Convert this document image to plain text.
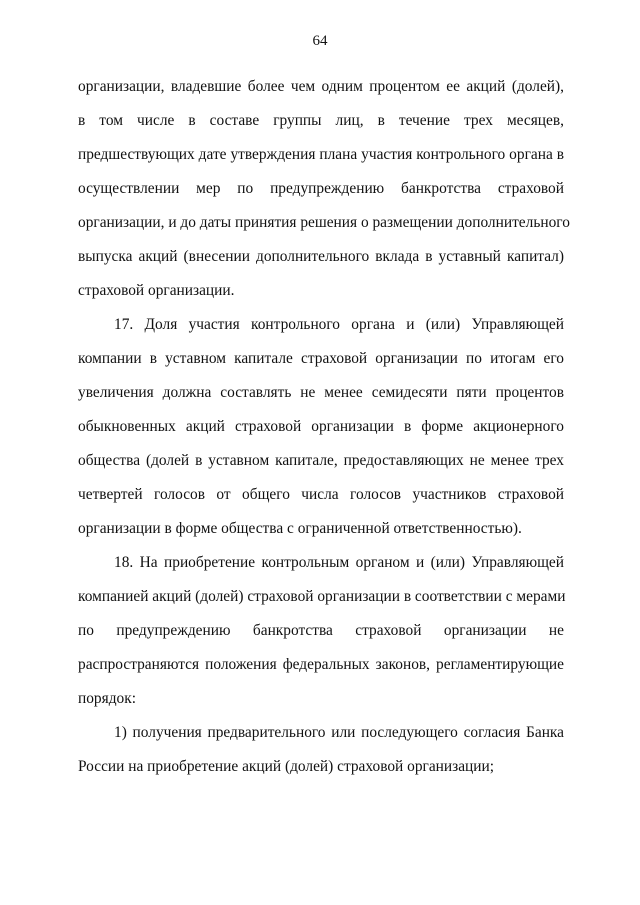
64
организации, владевшие более чем одним процентом ее акций (долей),
в том числе в составе группы лиц, в течение трех месяцев,
предшествующих дате утверждения плана участия контрольного органа в
осуществлении мер по предупреждению банкротства страховой
организации, и до даты принятия решения о размещении дополнительного
выпуска акций (внесении дополнительного вклада в уставный капитал)
страховой организации.
17. Доля участия контрольного органа и (или) Управляющей
компании в уставном капитале страховой организации по итогам его
увеличения должна составлять не менее семидесяти пяти процентов
обыкновенных акций страховой организации в форме акционерного
общества (долей в уставном капитале, предоставляющих не менее трех
четвертей голосов от общего числа голосов участников страховой
организации в форме общества с ограниченной ответственностью).
18. На приобретение контрольным органом и (или) Управляющей
компанией акций (долей) страховой организации в соответствии с мерами
по предупреждению банкротства страховой организации не
распространяются положения федеральных законов, регламентирующие
порядок:
1) получения предварительного или последующего согласия Банка
России на приобретение акций (долей) страховой организации;
